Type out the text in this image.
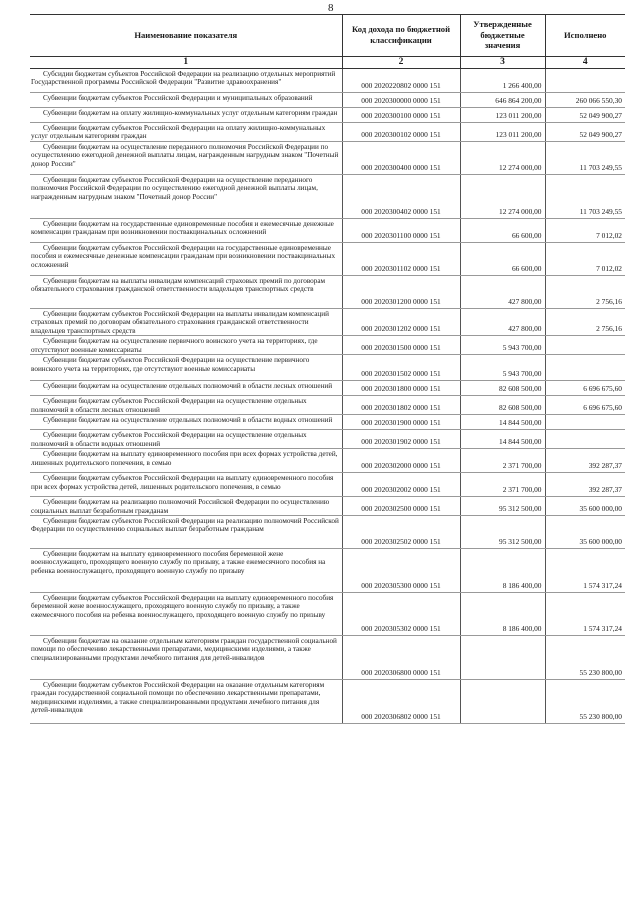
8
Наименование показателя	Код дохода по бюджетной классификации	Утвержденные бюджетные значения	Исполнено
1	2	3	4
Субсидии бюджетам субъектов Российской Федерации на реализацию отдельных мероприятий Государственной программы Российской Федерации "Развитие здравоохранения"	000 2020220802 0000 151	1 266 400,00	
Субвенции бюджетам субъектов Российской Федерации и муниципальных образований	000 2020300000 0000 151	646 864 200,00	260 066 550,30
Субвенции бюджетам на оплату жилищно-коммунальных услуг отдельным категориям граждан	000 2020300100 0000 151	123 011 200,00	52 049 900,27
Субвенции бюджетам субъектов Российской Федерации на оплату жилищно-коммунальных услуг отдельным категориям граждан	000 2020300102 0000 151	123 011 200,00	52 049 900,27
Субвенции бюджетам на осуществление переданного полномочия Российской Федерации по осуществлению ежегодной денежной выплаты лицам, награжденным нагрудным знаком "Почетный донор России"	000 2020300400 0000 151	12 274 000,00	11 703 249,55
Субвенции бюджетам субъектов Российской Федерации на осуществление переданного полномочия Российской Федерации по осуществлению ежегодной денежной выплаты лицам, награжденным нагрудным знаком "Почетный донор России"	000 2020300402 0000 151	12 274 000,00	11 703 249,55
Субвенции бюджетам на государственные единовременные пособия и ежемесячные денежные компенсации гражданам при возникновении поствакцинальных осложнений	000 2020301100 0000 151	66 600,00	7 012,02
Субвенции бюджетам субъектов Российской Федерации на государственные единовременные пособия и ежемесячные денежные компенсации гражданам при возникновении поствакцинальных осложнений	000 2020301102 0000 151	66 600,00	7 012,02
Субвенции бюджетам на выплаты инвалидам компенсаций страховых премий по договорам обязательного страхования гражданской ответственности владельцев транспортных средств	000 2020301200 0000 151	427 800,00	2 756,16
Субвенции бюджетам субъектов Российской Федерации на выплаты инвалидам компенсаций страховых премий по договорам обязательного страхования гражданской ответственности владельцев транспортных средств	000 2020301202 0000 151	427 800,00	2 756,16
Субвенции бюджетам на осуществление первичного воинского учета на территориях, где отсутствуют военные комиссариаты	000 2020301500 0000 151	5 943 700,00	
Субвенции бюджетам субъектов Российской Федерации на осуществление первичного воинского учета на территориях, где отсутствуют военные комиссариаты	000 2020301502 0000 151	5 943 700,00	
Субвенции бюджетам на осуществление отдельных полномочий в области лесных отношений	000 2020301800 0000 151	82 608 500,00	6 696 675,60
Субвенции бюджетам субъектов Российской Федерации на осуществление отдельных полномочий в области лесных отношений	000 2020301802 0000 151	82 608 500,00	6 696 675,60
Субвенции бюджетам на осуществление отдельных полномочий в области водных отношений	000 2020301900 0000 151	14 844 500,00	
Субвенции бюджетам субъектов Российской Федерации на осуществление отдельных полномочий в области водных отношений	000 2020301902 0000 151	14 844 500,00	
Субвенции бюджетам на выплату единовременного пособия при всех формах устройства детей, лишенных родительского попечения, в семью	000 2020302000 0000 151	2 371 700,00	392 287,37
Субвенции бюджетам субъектов Российской Федерации на выплату единовременного пособия при всех формах устройства детей, лишенных родительского попечения, в семью	000 2020302002 0000 151	2 371 700,00	392 287,37
Субвенции бюджетам на реализацию полномочий Российской Федерации по осуществлению социальных выплат безработным гражданам	000 2020302500 0000 151	95 312 500,00	35 600 000,00
Субвенции бюджетам субъектов Российской Федерации на реализацию полномочий Российской Федерации по осуществлению социальных выплат безработным гражданам	000 2020302502 0000 151	95 312 500,00	35 600 000,00
Субвенции бюджетам на выплату единовременного пособия беременной жене военнослужащего, проходящего военную службу по призыву, а также ежемесячного пособия на ребенка военнослужащего, проходящего военную службу по призыву	000 2020305300 0000 151	8 186 400,00	1 574 317,24
Субвенции бюджетам субъектов Российской Федерации на выплату единовременного пособия беременной жене военнослужащего, проходящего военную службу по призыву, а также ежемесячного пособия на ребенка военнослужащего, проходящего военную службу по призыву	000 2020305302 0000 151	8 186 400,00	1 574 317,24
Субвенции бюджетам на оказание отдельным категориям граждан государственной социальной помощи по обеспечению лекарственными препаратами, медицинскими изделиями, а также специализированными продуктами лечебного питания для детей-инвалидов	000 2020306800 0000 151		55 230 800,00
Субвенции бюджетам субъектов Российской Федерации на оказание отдельным категориям граждан государственной социальной помощи по обеспечению лекарственными препаратами, медицинскими изделиями, а также специализированными продуктами лечебного питания для детей-инвалидов	000 2020306802 0000 151		55 230 800,00
